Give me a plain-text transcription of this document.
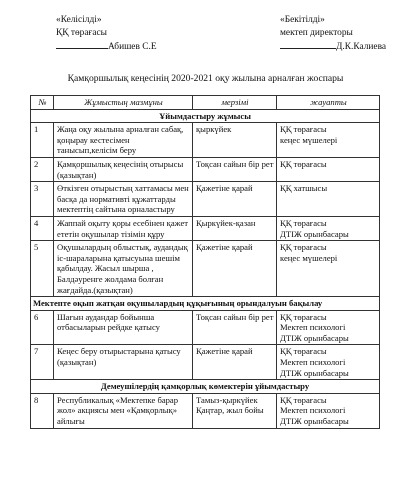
«Келісілді»
ҚҚ төрағасы
Абишев С.Е
«Бекітілді»
мектеп директоры
Д.К.Калиева
Қамқоршылық кеңесінің 2020-2021 оқу жылына арналған жоспары
№	Жұмыстың мазмұны	мерзімі	жауапты
Ұйымдастыру жұмысы			
1	Жаңа оқу жылына арналған сабақ, қоңырау кестесімен танысып,келісім беру	қыркүйек	ҚҚ төрағасы
кеңес мүшелері
2	Қамқоршылық кеңесінің отырысы (қазықтан)	Тоқсан сайын бір рет	ҚҚ төрағасы
3	Өткізген отырыстың хаттамасы мен басқа да нормативті құжаттарды мектептің сайтына орналастыру	Қажетіне қарай	ҚҚ хатшысы
4	Жаппай оқыту қоры есебінен қажет ететін оқушылар тізімін құру	Қыркүйек-қазан	ҚҚ төрағасы
ДТІЖ орынбасары
5	Оқушылардың облыстық, аудандық іс-шараларына қатысуына шешім қабылдау. Жасыл шырша , Балдәуренге жолдама болған жағдайда.(қазықтан)	Қажетіне қарай	ҚҚ төрағасы
кеңес мүшелері
Мектепте оқып жатқан оқушылардың құқығының орындалуын бақылау			
6	Шағын аудандар бойынша отбасыларын рейдке қатысу	Тоқсан сайын бір рет	ҚҚ төрағасы
Мектеп психологі
ДТІЖ орынбасары
7	Кеңес беру отырыстарына қатысу (қазықтан)	Қажетіне қарай	ҚҚ төрағасы
Мектеп психологі
ДТІЖ орынбасары
Демеушілердің қамқорлық көмектерін ұйымдастыру			
8	Республикалық «Мектепке барар жол» акциясы мен «Қамқорлық» айлығы	Тамыз-қыркүйек Қаңтар, жыл бойы	ҚҚ төрағасы
Мектеп психологі
ДТІЖ орынбасары
